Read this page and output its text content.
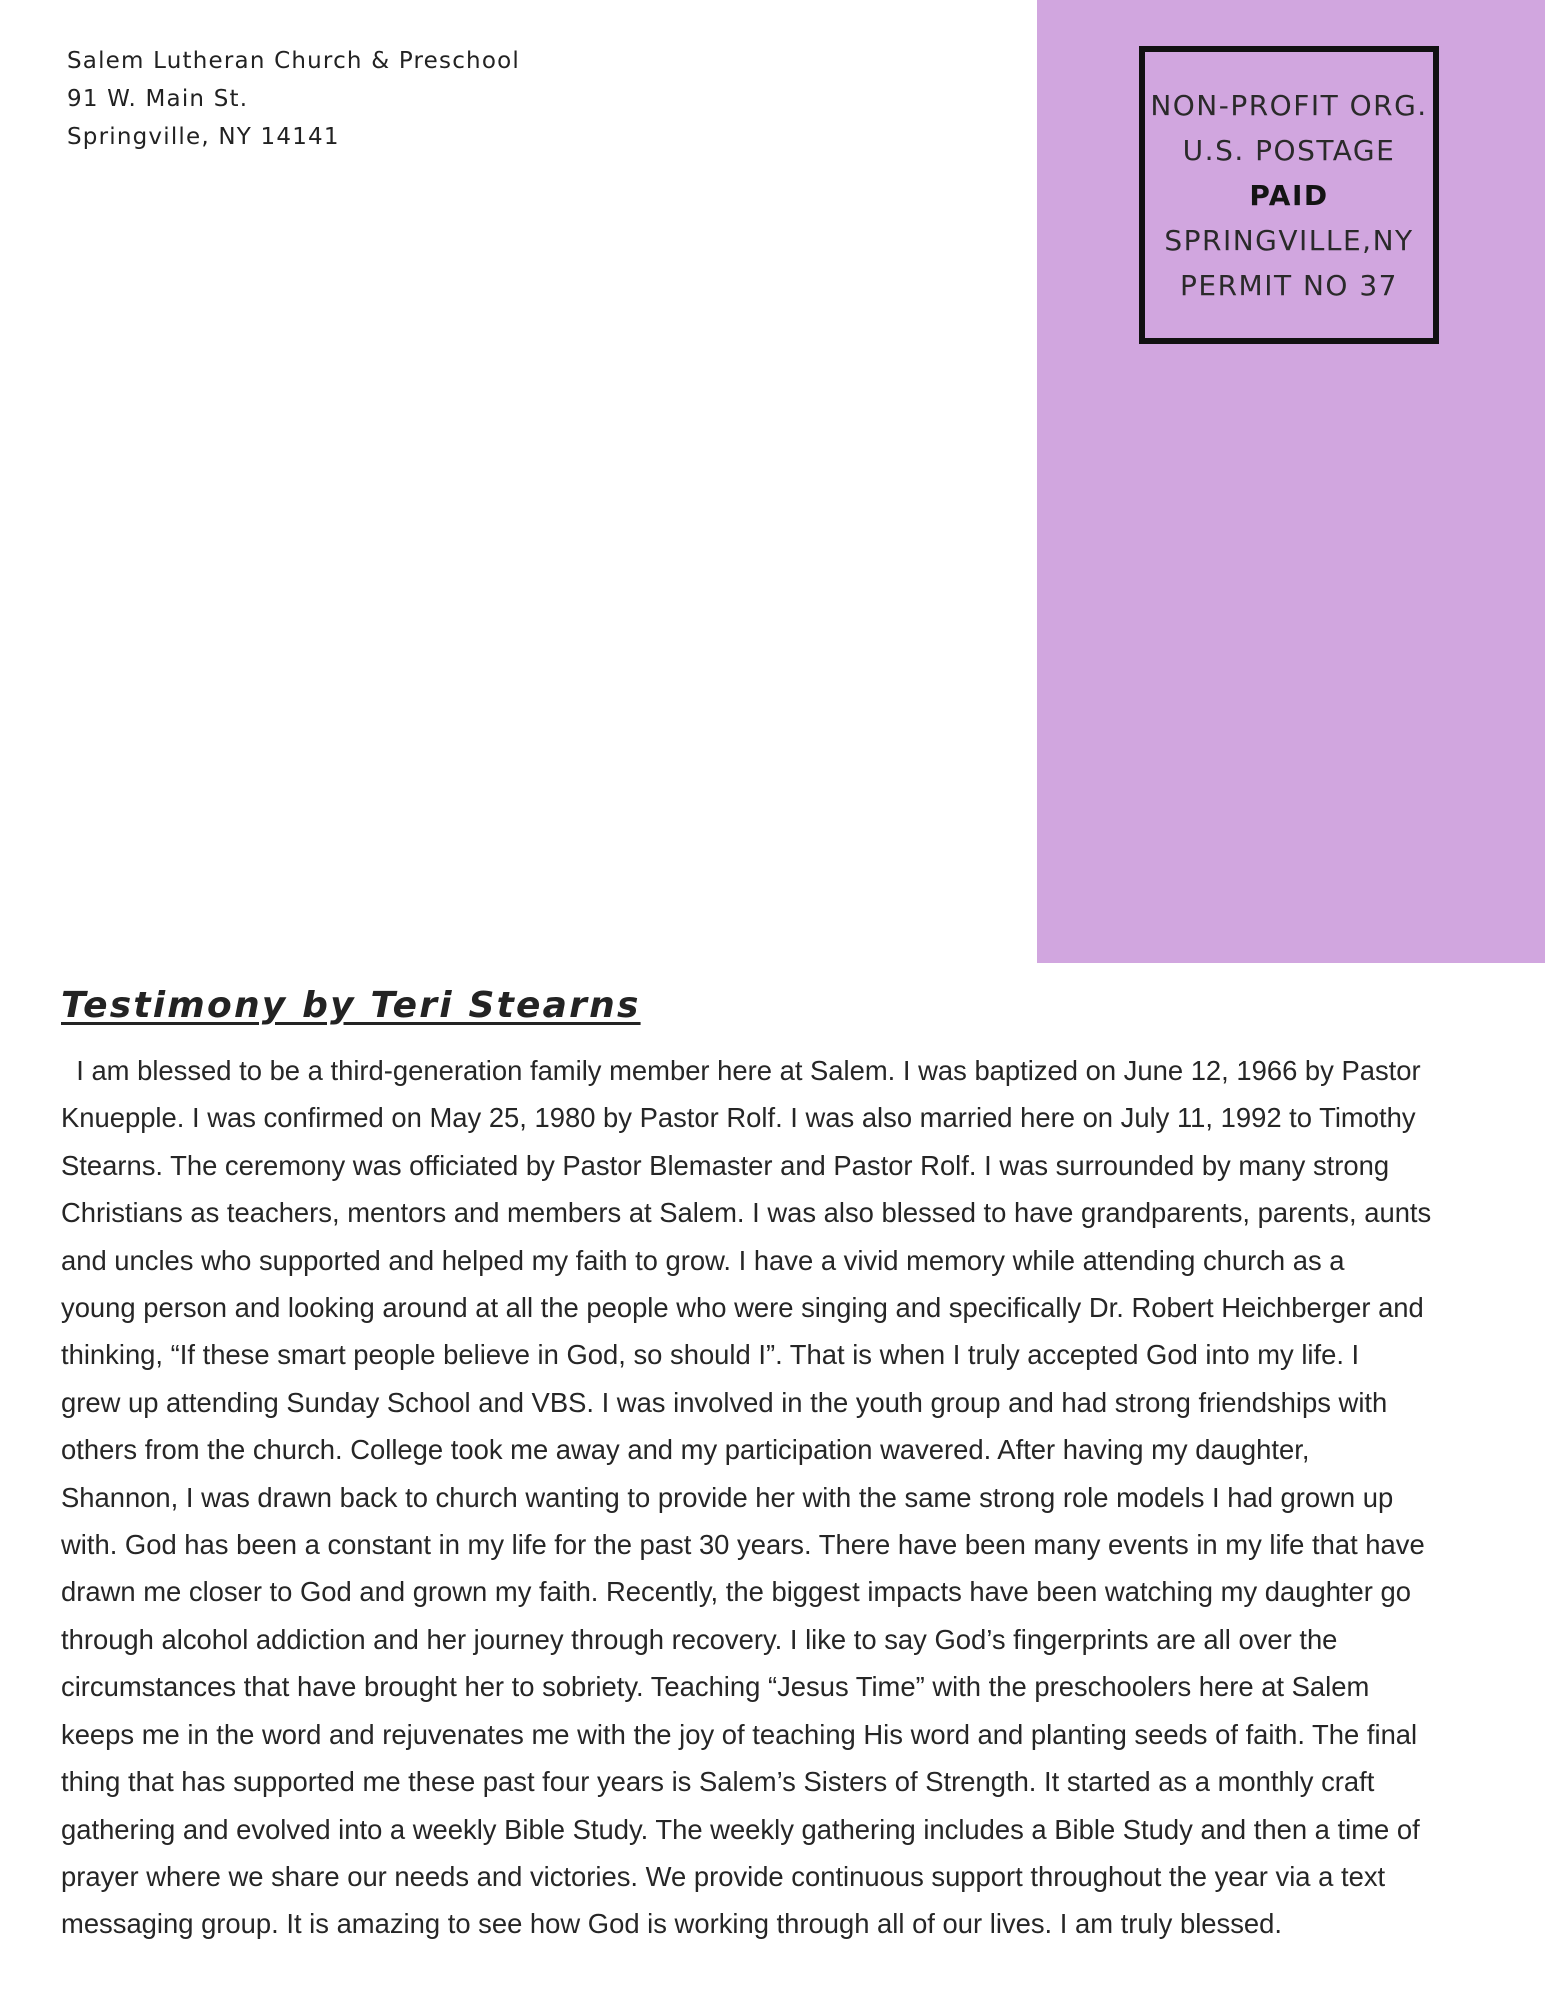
Salem Lutheran Church & Preschool
91 W. Main St.
Springville, NY 14141
NON-PROFIT ORG.
U.S. POSTAGE
PAID
SPRINGVILLE,NY
PERMIT NO 37
Testimony by Teri Stearns

I am blessed to be a third-generation family member here at Salem. I was baptized on June 12, 1966 by Pastor

Knuepple. I was confirmed on May 25, 1980 by Pastor Rolf. I was also married here on July 11, 1992 to Timothy

Stearns. The ceremony was officiated by Pastor Blemaster and Pastor Rolf. I was surrounded by many strong

Christians as teachers, mentors and members at Salem. I was also blessed to have grandparents, parents, aunts

and uncles who supported and helped my faith to grow. I have a vivid memory while attending church as a

young person and looking around at all the people who were singing and specifically Dr. Robert Heichberger and

thinking, “If these smart people believe in God, so should I”. That is when I truly accepted God into my life. I

grew up attending Sunday School and VBS. I was involved in the youth group and had strong friendships with

others from the church. College took me away and my participation wavered. After having my daughter,

Shannon, I was drawn back to church wanting to provide her with the same strong role models I had grown up

with. God has been a constant in my life for the past 30 years. There have been many events in my life that have

drawn me closer to God and grown my faith. Recently, the biggest impacts have been watching my daughter go

through alcohol addiction and her journey through recovery. I like to say God’s fingerprints are all over the

circumstances that have brought her to sobriety. Teaching “Jesus Time” with the preschoolers here at Salem

keeps me in the word and rejuvenates me with the joy of teaching His word and planting seeds of faith. The final

thing that has supported me these past four years is Salem’s Sisters of Strength. It started as a monthly craft

gathering and evolved into a weekly Bible Study. The weekly gathering includes a Bible Study and then a time of

prayer where we share our needs and victories. We provide continuous support throughout the year via a text

messaging group. It is amazing to see how God is working through all of our lives. I am truly blessed.
